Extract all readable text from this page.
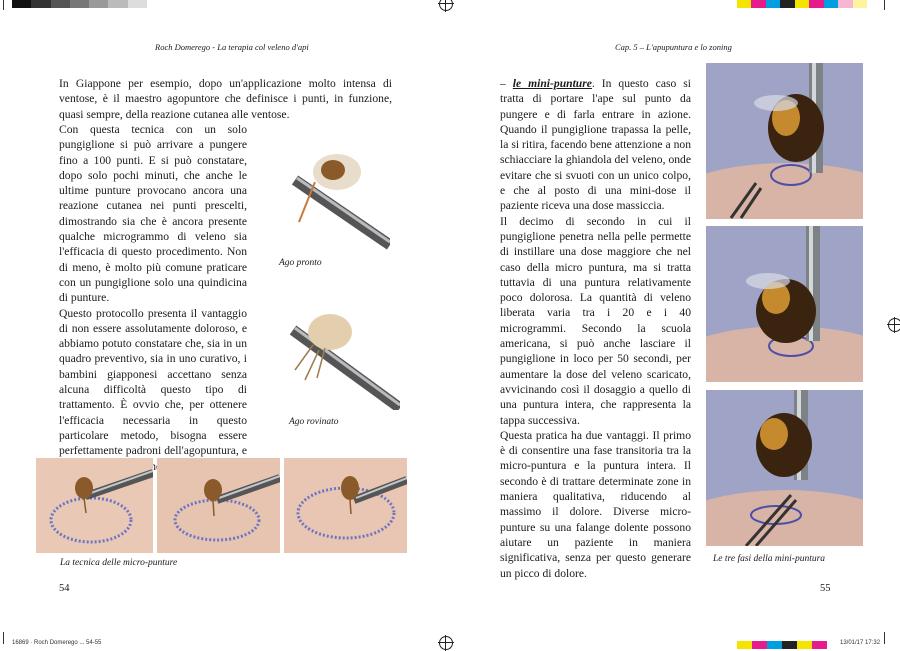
16869 · Roch Domerego ... 54-55	13/01/17 17:32
Roch Domerego - La terapia col veleno d'api

In Giappone per esempio, dopo un'applicazione molto intensa di ventose, è il maestro agopuntore che definisce i punti, in funzione, quasi sempre, della reazione cutanea alle ventose.

Con questa tecnica con un solo pungiglione si può arrivare a pungere fino a 100 punti. E si può constatare, dopo solo pochi minuti, che anche le ultime punture provocano ancora una reazione cutanea nei punti prescelti, dimostrando sia che è ancora presente qualche microgrammo di veleno sia l'efficacia di questo procedimento. Non di meno, è molto più comune praticare con un pungiglione solo una quindicina di punture.

Questo protocollo presenta il vantaggio di non essere assolutamente doloroso, e abbiamo potuto constatare che, sia in un quadro preventivo, sia in uno curativo, i bambini giapponesi accettano senza alcuna difficoltà questo tipo di trattamento. È ovvio che, per ottenere l'efficacia necessaria in questo particolare metodo, bisogna essere perfettamente padroni dell'agopuntura, e

Ago pronto
Ago rovinato
La tecnica delle micro-punture
54
Cap. 5 – L'apupuntura e lo zoning

– le mini-punture. In questo caso si tratta di portare l'ape sul punto da pungere e di farla entrare in azione. Quando il pungiglione trapassa la pelle, la si ritira, facendo bene attenzione a non schiacciare la ghiandola del veleno, onde evitare che si svuoti con un unico colpo, e che al posto di una mini-dose il paziente riceva una dose massiccia.

Il decimo di secondo in cui il pungiglione penetra nella pelle permette di instillare una dose maggiore che nel caso della micro puntura, ma si tratta tuttavia di una puntura relativamente poco dolorosa. La quantità di veleno liberata varia tra i 20 e i 40 microgrammi. Secondo la scuola americana, si può anche lasciare il pungiglione in loco per 50 secondi, per aumentare la dose del veleno scaricato, avvicinando così il dosaggio a quello di una puntura intera, che rappresenta la tappa successiva.

Questa pratica ha due vantaggi. Il primo è di consentire una fase transitoria tra la micro-puntura e la puntura intera. Il secondo è di trattare determinate zone in maniera qualitativa, riducendo al massimo il dolore. Diverse micro-punture su una falange dolente possono aiutare un paziente in maniera significativa, senza per questo generare un picco di dolore.

Le tre fasi della mini-puntura
55
